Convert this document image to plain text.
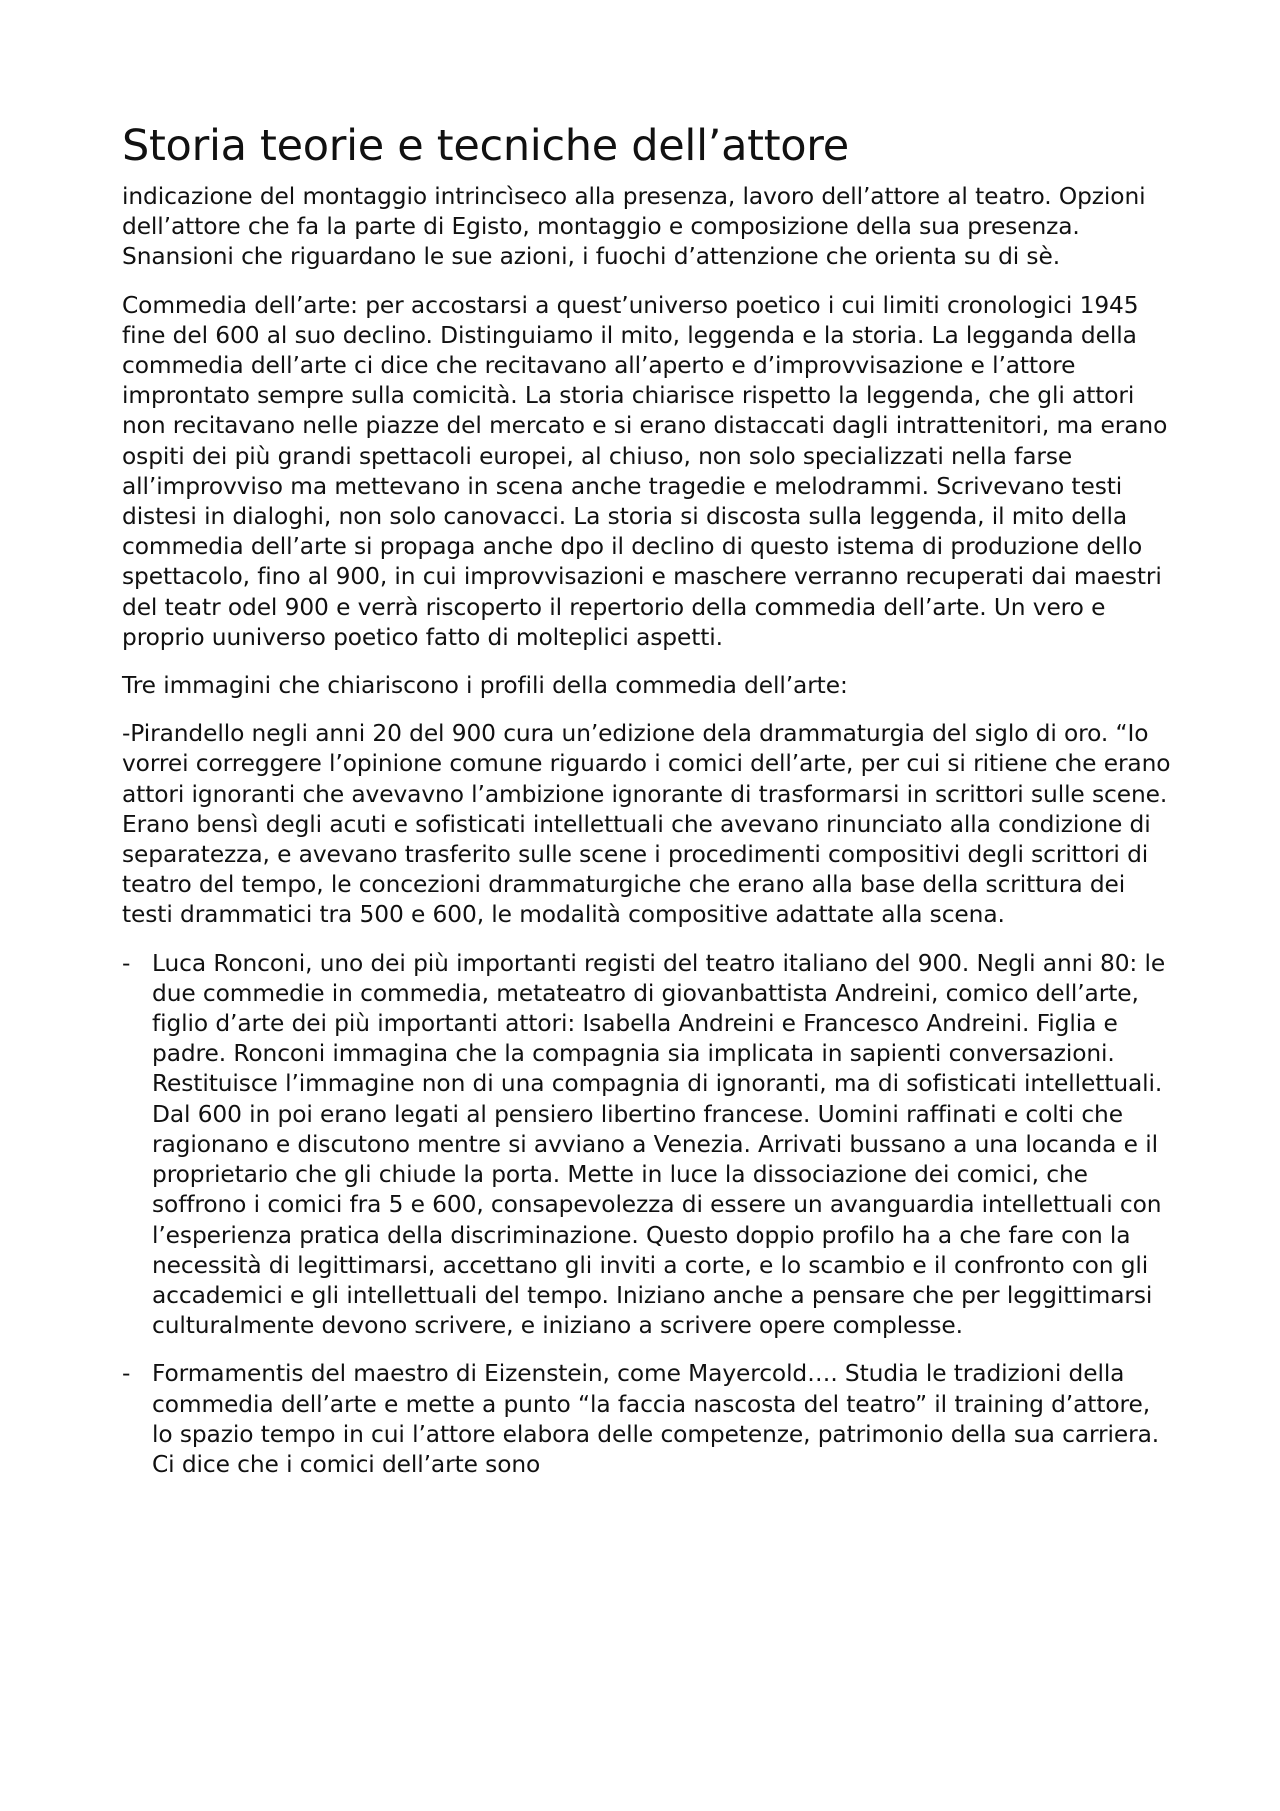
Storia teorie e tecniche dell’attore

indicazione del montaggio intrincìseco alla presenza, lavoro dell’attore al teatro. Opzioni dell’attore che fa la parte di Egisto, montaggio e composizione della sua presenza. Snansioni che riguardano le sue azioni, i fuochi d’attenzione che orienta su di sè.

Commedia dell’arte: per accostarsi a quest’universo poetico i cui limiti cronologici 1945 fine del 600 al suo declino. Distinguiamo il mito, leggenda e la storia. La legganda della commedia dell’arte ci dice che recitavano all’aperto e d’improvvisazione e l’attore improntato sempre sulla comicità. La storia chiarisce rispetto la leggenda, che gli attori non recitavano nelle piazze del mercato e si erano distaccati dagli intrattenitori, ma erano ospiti dei più grandi spettacoli europei, al chiuso, non solo specializzati nella farse all’improvviso ma mettevano in scena anche tragedie e melodrammi. Scrivevano testi distesi in dialoghi, non solo canovacci. La storia si discosta sulla leggenda, il mito della commedia dell’arte si propaga anche dpo il declino di questo istema di produzione dello spettacolo, fino al 900, in cui improvvisazioni e maschere verranno recuperati dai maestri del teatr odel 900 e verrà riscoperto il repertorio della commedia dell’arte. Un vero e proprio uuniverso poetico fatto di molteplici aspetti.

Tre immagini che chiariscono i profili della commedia dell’arte:

-Pirandello negli anni 20 del 900 cura un’edizione dela drammaturgia del siglo di oro. “Io vorrei correggere l’opinione comune riguardo i comici dell’arte, per cui si ritiene che erano attori ignoranti che avevavno l’ambizione ignorante di trasformarsi in scrittori sulle scene. Erano bensì degli acuti e sofisticati intellettuali che avevano rinunciato alla condizione di separatezza, e avevano trasferito sulle scene i procedimenti compositivi degli scrittori di teatro del tempo, le concezioni drammaturgiche che erano alla base della scrittura dei testi drammatici tra 500 e 600, le modalità compositive adattate alla scena.

- Luca Ronconi, uno dei più importanti registi del teatro italiano del 900. Negli anni 80: le due commedie in commedia, metateatro di giovanbattista Andreini, comico dell’arte, figlio d’arte dei più importanti attori: Isabella Andreini e Francesco Andreini. Figlia e padre. Ronconi immagina che la compagnia sia implicata in sapienti conversazioni. Restituisce l’immagine non di una compagnia di ignoranti, ma di sofisticati intellettuali. Dal 600 in poi erano legati al pensiero libertino francese. Uomini raffinati e colti che ragionano e discutono mentre si avviano a Venezia. Arrivati bussano a una locanda e il proprietario che gli chiude la porta. Mette in luce la dissociazione dei comici, che soffrono i comici fra 5 e 600, consapevolezza di essere un avanguardia intellettuali con l’esperienza pratica della discriminazione. Questo doppio profilo ha a che fare con la necessità di legittimarsi, accettano gli inviti a corte, e lo scambio e il confronto con gli accademici e gli intellettuali del tempo. Iniziano anche a pensare che per leggittimarsi culturalmente devono scrivere, e iniziano a scrivere opere complesse.
- Formamentis del maestro di Eizenstein, come Mayercold…. Studia le tradizioni della commedia dell’arte e mette a punto “la faccia nascosta del teatro” il training d’attore, lo spazio tempo in cui l’attore elabora delle competenze, patrimonio della sua carriera. Ci dice che i comici dell’arte sono
